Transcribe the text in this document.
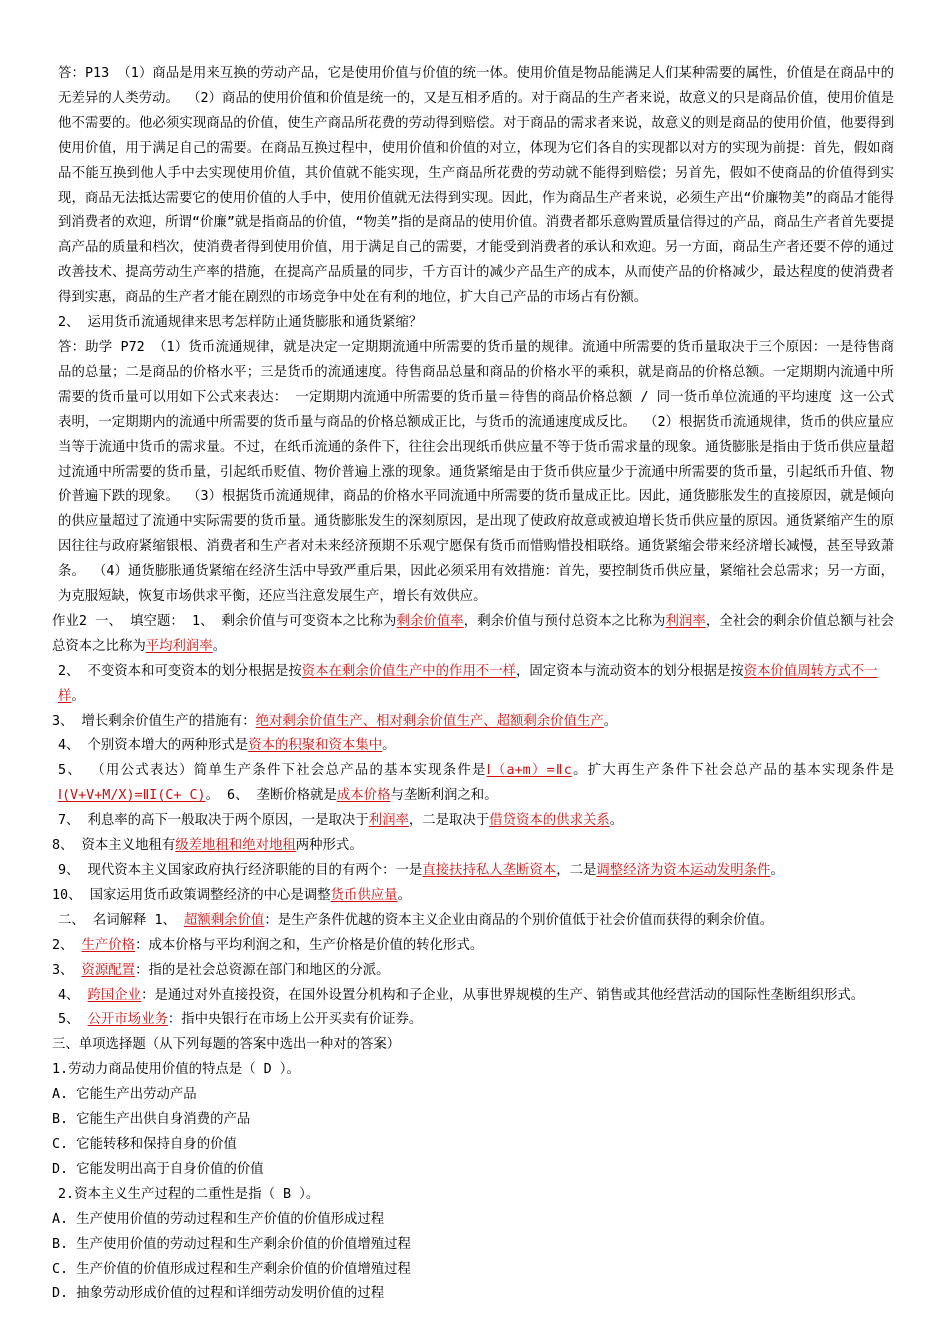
答：P13 （1）商品是用来互换的劳动产品，它是使用价值与价值的统一体。使用价值是物品能满足人们某种需要的属性，价值是在商品中的无差异的人类劳动。 （2）商品的使用价值和价值是统一的，又是互相矛盾的。对于商品的生产者来说，故意义的只是商品价值，使用价值是他不需要的。他必须实现商品的价值，使生产商品所花费的劳动得到赔偿。对于商品的需求者来说，故意义的则是商品的使用价值，他要得到使用价值，用于满足自己的需要。在商品互换过程中，使用价值和价值的对立，体现为它们各自的实现都以对方的实现为前提：首先，假如商品不能互换到他人手中去实现使用价值，其价值就不能实现，生产商品所花费的劳动就不能得到赔偿；另首先，假如不使商品的价值得到实现，商品无法抵达需要它的使用价值的人手中，使用价值就无法得到实现。因此，作为商品生产者来说，必须生产出“价廉物美”的商品才能得到消费者的欢迎，所谓“价廉”就是指商品的价值，“物美”指的是商品的使用价值。消费者都乐意购置质量信得过的产品，商品生产者首先要提高产品的质量和档次，使消费者得到使用价值，用于满足自己的需要，才能受到消费者的承认和欢迎。另一方面，商品生产者还要不停的通过改善技术、提高劳动生产率的措施，在提高产品质量的同步，千方百计的减少产品生产的成本，从而使产品的价格减少，最达程度的使消费者得到实惠，商品的生产者才能在剧烈的市场竞争中处在有利的地位，扩大自己产品的市场占有份额。

2、 运用货币流通规律来思考怎样防止通货膨胀和通货紧缩？

答：助学 P72 （1）货币流通规律，就是决定一定期期流通中所需要的货币量的规律。流通中所需要的货币量取决于三个原因：一是待售商品的总量；二是商品的价格水平；三是货币的流通速度。待售商品总量和商品的价格水平的乘积，就是商品的价格总额。一定期期内流通中所需要的货币量可以用如下公式来表达： 一定期期内流通中所需要的货币量＝待售的商品价格总额 / 同一货币单位流通的平均速度 这一公式表明，一定期期内的流通中所需要的货币量与商品的价格总额成正比，与货币的流通速度成反比。 （2）根据货币流通规律，货币的供应量应当等于流通中货币的需求量。不过，在纸币流通的条件下，往往会出现纸币供应量不等于货币需求量的现象。通货膨胀是指由于货币供应量超过流通中所需要的货币量，引起纸币贬值、物价普遍上涨的现象。通货紧缩是由于货币供应量少于流通中所需要的货币量，引起纸币升值、物价普遍下跌的现象。 （3）根据货币流通规律，商品的价格水平同流通中所需要的货币量成正比。因此，通货膨胀发生的直接原因，就是倾向的供应量超过了流通中实际需要的货币量。通货膨胀发生的深刻原因，是出现了使政府故意或被迫增长货币供应量的原因。通货紧缩产生的原因往往与政府紧缩银根、消费者和生产者对未来经济预期不乐观宁愿保有货币而惜购惜投相联络。通货紧缩会带来经济增长减慢，甚至导致萧条。 （4）通货膨胀通货紧缩在经济生活中导致严重后果，因此必须采用有效措施：首先，要控制货币供应量，紧缩社会总需求；另一方面，为克服短缺，恢复市场供求平衡，还应当注意发展生产，增长有效供应。

作业2 一、 填空题： 1、 剩余价值与可变资本之比称为剩余价值率，剩余价值与预付总资本之比称为利润率，全社会的剩余价值总额与社会总资本之比称为平均利润率。

2、 不变资本和可变资本的划分根据是按资本在剩余价值生产中的作用不一样，固定资本与流动资本的划分根据是按资本价值周转方式不一样。

3、 增长剩余价值生产的措施有：绝对剩余价值生产、相对剩余价值生产、超额剩余价值生产。

4、 个别资本增大的两种形式是资本的积聚和资本集中。

5、 （用公式表达）简单生产条件下社会总产品的基本实现条件是Ⅰ（a+m）=Ⅱc。扩大再生产条件下社会总产品的基本实现条件是Ⅰ(V+V+M/X)=ⅡI(C+ C)。 6、 垄断价格就是成本价格与垄断利润之和。

7、 利息率的高下一般取决于两个原因，一是取决于利润率，二是取决于借贷资本的供求关系。

8、 资本主义地租有级差地租和绝对地租两种形式。

9、 现代资本主义国家政府执行经济职能的目的有两个：一是直接扶持私人垄断资本，二是调整经济为资本运动发明条件。

10、 国家运用货币政策调整经济的中心是调整货币供应量。

二、 名词解释 1、 超额剩余价值：是生产条件优越的资本主义企业由商品的个别价值低于社会价值而获得的剩余价值。

2、 生产价格：成本价格与平均利润之和，生产价格是价值的转化形式。

3、 资源配置：指的是社会总资源在部门和地区的分派。

4、 跨国企业：是通过对外直接投资，在国外设置分机构和子企业，从事世界规模的生产、销售或其他经营活动的国际性垄断组织形式。

5、 公开市场业务：指中央银行在市场上公开买卖有价证券。

三、单项选择题（从下列每题的答案中选出一种对的答案）

1.劳动力商品使用价值的特点是（ D ）。

A. 它能生产出劳动产品

B. 它能生产出供自身消费的产品

C. 它能转移和保持自身的价值

D. 它能发明出高于自身价值的价值

2.资本主义生产过程的二重性是指（ B ）。

A. 生产使用价值的劳动过程和生产价值的价值形成过程

B. 生产使用价值的劳动过程和生产剩余价值的价值增殖过程

C. 生产价值的价值形成过程和生产剩余价值的价值增殖过程

D. 抽象劳动形成价值的过程和详细劳动发明价值的过程
